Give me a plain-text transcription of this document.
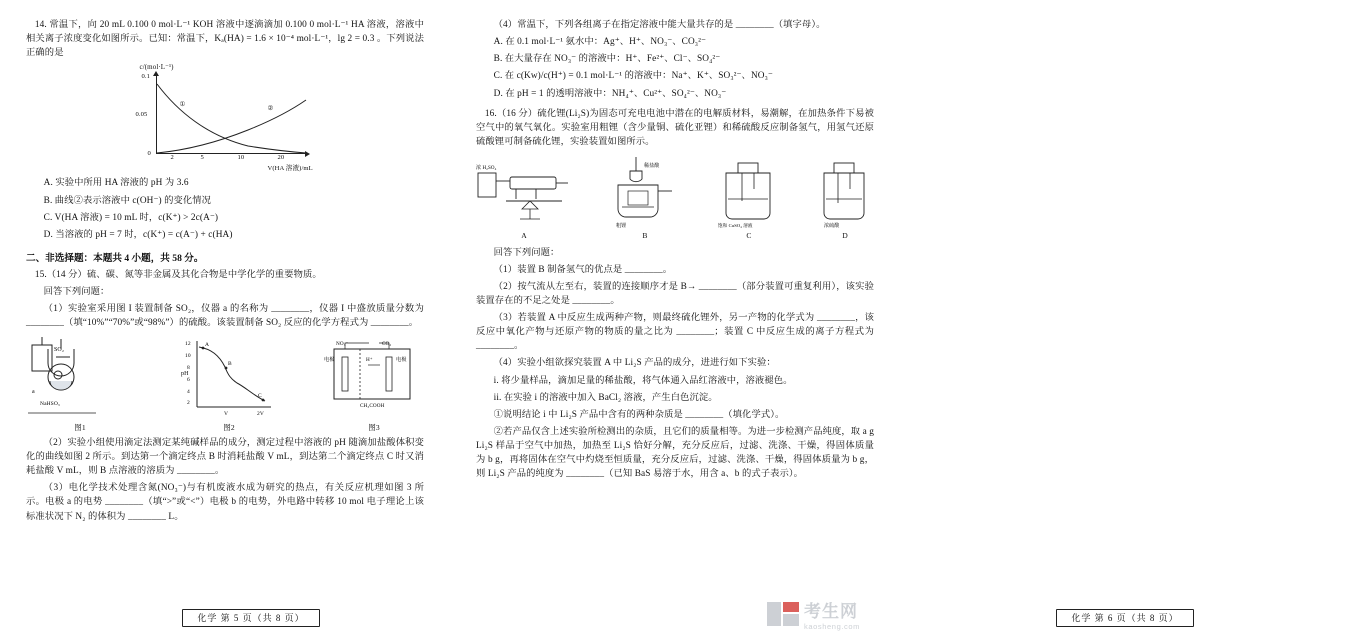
14. 常温下，向 20 mL 0.100 0 mol·L⁻¹ KOH 溶液中逐滴滴加 0.100 0 mol·L⁻¹ HA 溶液，溶液中相关离子浓度变化如图所示。已知：常温下，Kₐ(HA) = 1.6 × 10⁻⁴ mol·L⁻¹，lg 2 = 0.3 。下列说法正确的是

c/(mol·L⁻¹)
0.1
0.05
0
2	5	10	20
V(HA 溶液)/mL
①
②

A. 实验中所用 HA 溶液的 pH 为 3.6

B. 曲线②表示溶液中 c(OH⁻) 的变化情况

C. V(HA 溶液) = 10 mL 时，c(K⁺) > 2c(A⁻)

D. 当溶液的 pH = 7 时，c(K⁺) = c(A⁻) + c(HA)

二、非选择题：本题共 4 小题，共 58 分。

15.（14 分）硫、碳、氮等非金属及其化合物是中学化学的重要物质。

回答下列问题：

（1）实验室采用图 I 装置制备 SO₂，仪器 a 的名称为 ________，仪器 I 中盛放质量分数为 ________（填“10%”“70%”或“98%”）的硫酸。该装置制备 SO₂ 反应的化学方程式为 ________。

SO₂
NaHSO₃
a
图1
12
10
8
6
4
2
pH
V	2V
A
B
C
图2
电极	电极
H⁺
NO₃⁻	CO₂
CH₃COOH
图3

（2）实验小组使用滴定法测定某纯碱样品的成分，测定过程中溶液的 pH 随滴加盐酸体积变化的曲线如图 2 所示。到达第一个滴定终点 B 时消耗盐酸 V mL，到达第二个滴定终点 C 时又消耗盐酸 V mL，则 B 点溶液的溶质为 ________。

（3）电化学技术处理含氮(NO₃⁻)与有机废液水成为研究的热点，有关反应机理如图 3 所示。电极 a 的电势 ________（填“>”或“<”）电极 b 的电势，外电路中转移 10 mol 电子理论上该标准状况下 N₂ 的体积为 ________ L。

化学 第 5 页（共 8 页）

（4）常温下，下列各组离子在指定溶液中能大量共存的是 ________（填字母）。

A. 在 0.1 mol·L⁻¹ 氨水中：Ag⁺、H⁺、NO₃⁻、CO₃²⁻

B. 在大量存在 NO₃⁻ 的溶液中：H⁺、Fe²⁺、Cl⁻、SO₄²⁻

C. 在 c(Kw)/c(H⁺) = 0.1 mol·L⁻¹ 的溶液中：Na⁺、K⁺、SO₃²⁻、NO₃⁻

D. 在 pH = 1 的透明溶液中：NH₄⁺、Cu²⁺、SO₄²⁻、NO₃⁻

16.（16 分）硫化锂(Li₂S)为固态可充电电池中潜在的电解质材料，易潮解，在加热条件下易被空气中的氧气氧化。实验室用粗锂（含少量铜、硫化亚锂）和稀硫酸反应制备氢气，用氢气还原硫酸锂可制备硫化锂，实验装置如图所示。

浓 H₂SO₄
A
稀盐酸
粗锂
B
饱和 CuSO₄ 溶液
C
浓硫酸
D

回答下列问题：

（1）装置 B 制备氢气的优点是 ________。

（2）按气流从左至右，装置的连接顺序才是 B→ ________（部分装置可重复利用），该实验装置存在的不足之处是 ________。

（3）若装置 A 中反应生成两种产物，则最终硫化锂外，另一产物的化学式为 ________，该反应中氧化产物与还原产物的物质的量之比为 ________；装置 C 中反应生成的离子方程式为 ________。

（4）实验小组欲探究装置 A 中 Li₂S 产品的成分，进进行如下实验：

i. 将少量样品，滴加足量的稀盐酸，将气体通入品红溶液中，溶液褪色。

ii. 在实验 i 的溶液中加入 BaCl₂ 溶液，产生白色沉淀。

①说明结论 i 中 Li₂S 产品中含有的两种杂质是 ________（填化学式）。

②若产品仅含上述实验所检测出的杂质，且它们的质量相等。为进一步检测产品纯度，取 a g Li₂S 样品于空气中加热，加热至 Li₂S 恰好分解，充分反应后，过滤、洗涤、干燥，得固体质量为 b g，再将固体在空气中灼烧至恒质量，充分反应后，过滤、洗涤、干燥，得固体质量为 b g，则 Li₂S 产品的纯度为 ________（已知 BaS 易溶于水，用含 a、b 的式子表示）。

化学 第 6 页（共 8 页）
考生网
kaosheng.com
